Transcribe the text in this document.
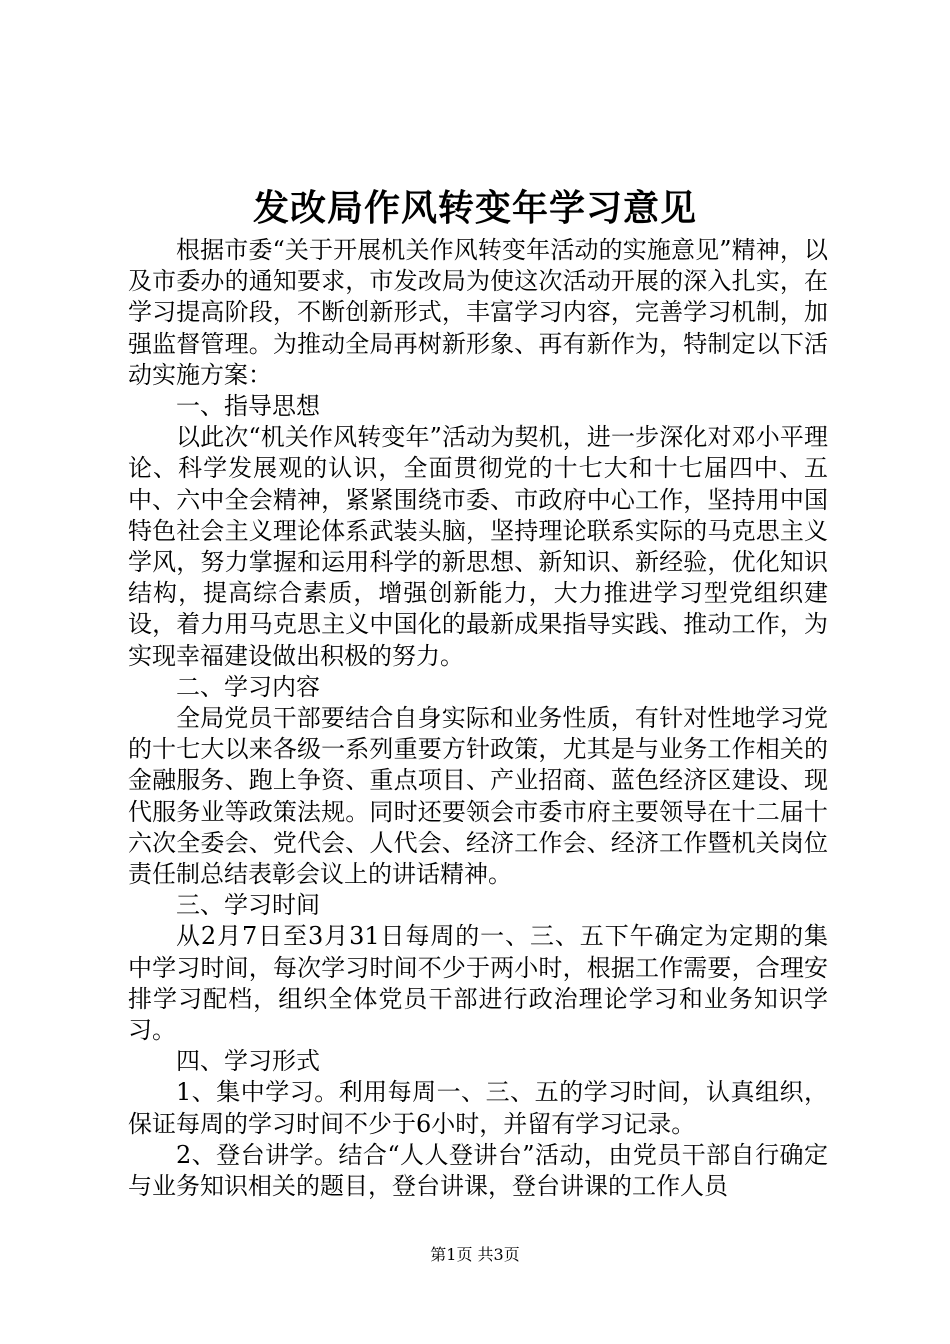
发改局作风转变年学习意见

根据市委“关于开展机关作风转变年活动的实施意见”精神，以及市委办的通知要求，市发改局为使这次活动开展的深入扎实，在学习提高阶段，不断创新形式，丰富学习内容，完善学习机制，加强监督管理。为推动全局再树新形象、再有新作为，特制定以下活动实施方案：

一、指导思想

以此次“机关作风转变年”活动为契机，进一步深化对邓小平理论、科学发展观的认识，全面贯彻党的十七大和十七届四中、五中、六中全会精神，紧紧围绕市委、市政府中心工作，坚持用中国特色社会主义理论体系武装头脑，坚持理论联系实际的马克思主义学风，努力掌握和运用科学的新思想、新知识、新经验，优化知识结构，提高综合素质，增强创新能力，大力推进学习型党组织建设，着力用马克思主义中国化的最新成果指导实践、推动工作，为实现幸福建设做出积极的努力。

二、学习内容

全局党员干部要结合自身实际和业务性质，有针对性地学习党的十七大以来各级一系列重要方针政策，尤其是与业务工作相关的金融服务、跑上争资、重点项目、产业招商、蓝色经济区建设、现代服务业等政策法规。同时还要领会市委市府主要领导在十二届十六次全委会、党代会、人代会、经济工作会、经济工作暨机关岗位责任制总结表彰会议上的讲话精神。

三、学习时间

从2月7日至3月31日每周的一、三、五下午确定为定期的集中学习时间，每次学习时间不少于两小时，根据工作需要，合理安排学习配档，组织全体党员干部进行政治理论学习和业务知识学习。

四、学习形式

1、集中学习。利用每周一、三、五的学习时间，认真组织，保证每周的学习时间不少于6小时，并留有学习记录。

2、登台讲学。结合“人人登讲台”活动，由党员干部自行确定与业务知识相关的题目，登台讲课，登台讲课的工作人员

第1页 共3页
